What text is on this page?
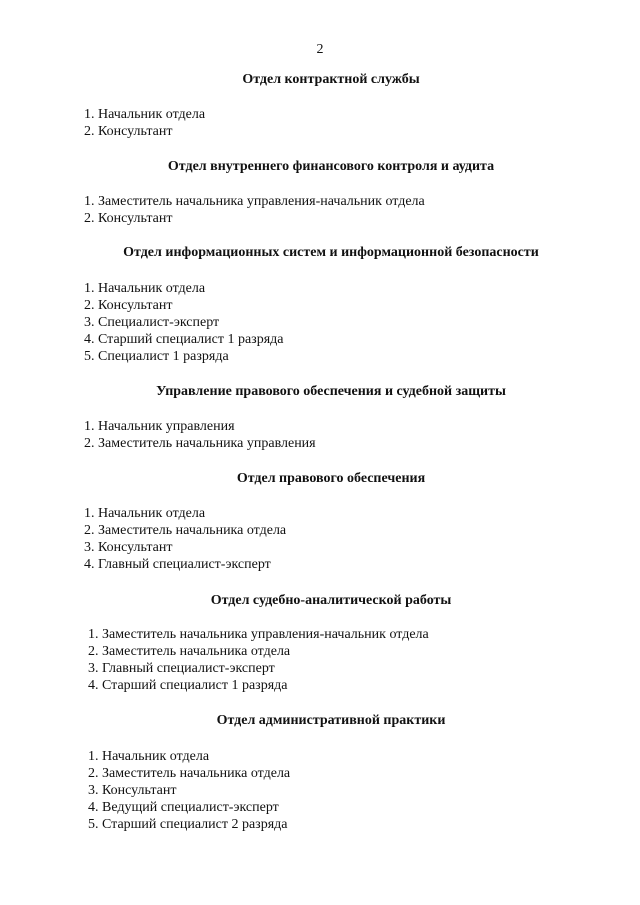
2
Отдел контрактной службы
1. Начальник отдела
2. Консультант
Отдел внутреннего финансового контроля и аудита
1. Заместитель начальника управления-начальник отдела
2. Консультант
Отдел информационных систем и информационной безопасности
1. Начальник отдела
2. Консультант
3. Специалист-эксперт
4. Старший специалист 1 разряда
5. Специалист 1 разряда
Управление правового обеспечения и судебной защиты
1. Начальник управления
2. Заместитель начальника управления
Отдел правового обеспечения
1. Начальник отдела
2. Заместитель начальника отдела
3. Консультант
4. Главный специалист-эксперт
Отдел судебно-аналитической работы
1. Заместитель начальника управления-начальник отдела
2. Заместитель начальника отдела
3. Главный специалист-эксперт
4. Старший специалист 1 разряда
Отдел административной практики
1. Начальник отдела
2. Заместитель начальника отдела
3. Консультант
4. Ведущий специалист-эксперт
5. Старший специалист 2 разряда
